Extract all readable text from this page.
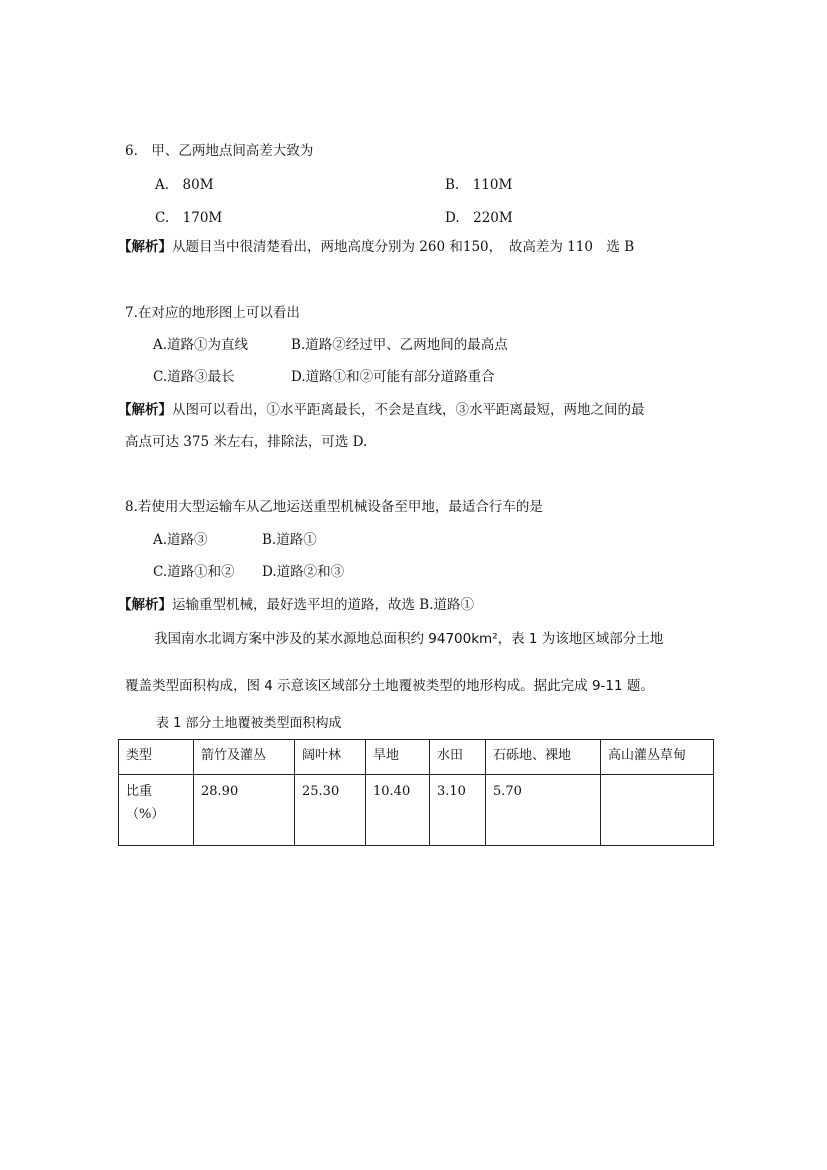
6.　甲、乙两地点间高差大致为
A.　80M	B.　110M
C.　170M	D.　220M
【解析】从题目当中很清楚看出，两地高度分别为 260 和150，　故高差为 110　选 B
7.在对应的地形图上可以看出
A.道路①为直线	B.道路②经过甲、乙两地间的最高点
C.道路③最长	D.道路①和②可能有部分道路重合
【解析】从图可以看出，①水平距离最长，不会是直线，③水平距离最短，两地之间的最
高点可达 375 米左右，排除法，可选 D.
8.若使用大型运输车从乙地运送重型机械设备至甲地，最适合行车的是
A.道路③	B.道路①
C.道路①和② D.道路②和③
【解析】运输重型机械，最好选平坦的道路，故选 B.道路①
我国南水北调方案中涉及的某水源地总面积约 94700km²，表 1 为该地区域部分土地
覆盖类型面积构成，图 4 示意该区域部分土地覆被类型的地形构成。据此完成 9-11 题。
表 1 部分土地覆被类型面积构成
类型	箭竹及灌丛	阔叶林	旱地	水田	石砾地、裸地	高山灌丛草甸

比重
（%）	28.90	25.30	10.40	3.10	5.70	
